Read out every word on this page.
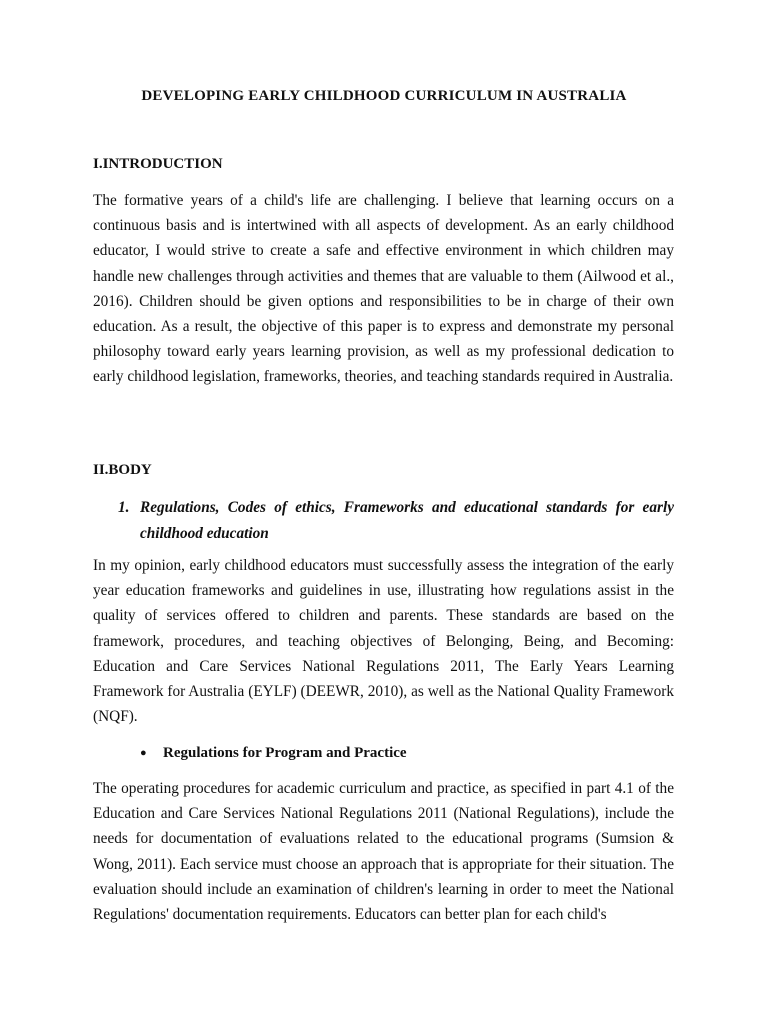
DEVELOPING EARLY CHILDHOOD CURRICULUM IN AUSTRALIA
I.INTRODUCTION

The formative years of a child's life are challenging. I believe that learning occurs on a continuous basis and is intertwined with all aspects of development. As an early childhood educator, I would strive to create a safe and effective environment in which children may handle new challenges through activities and themes that are valuable to them (Ailwood et al., 2016). Children should be given options and responsibilities to be in charge of their own education. As a result, the objective of this paper is to express and demonstrate my personal philosophy toward early years learning provision, as well as my professional dedication to early childhood legislation, frameworks, theories, and teaching standards required in Australia.

II.BODY
1. Regulations, Codes of ethics, Frameworks and educational standards for early childhood education

In my opinion, early childhood educators must successfully assess the integration of the early year education frameworks and guidelines in use, illustrating how regulations assist in the quality of services offered to children and parents. These standards are based on the framework, procedures, and teaching objectives of Belonging, Being, and Becoming: Education and Care Services National Regulations 2011, The Early Years Learning Framework for Australia (EYLF) (DEEWR, 2010), as well as the National Quality Framework (NQF).

● Regulations for Program and Practice

The operating procedures for academic curriculum and practice, as specified in part 4.1 of the Education and Care Services National Regulations 2011 (National Regulations), include the needs for documentation of evaluations related to the educational programs (Sumsion & Wong, 2011). Each service must choose an approach that is appropriate for their situation. The evaluation should include an examination of children's learning in order to meet the National Regulations' documentation requirements. Educators can better plan for each child's
